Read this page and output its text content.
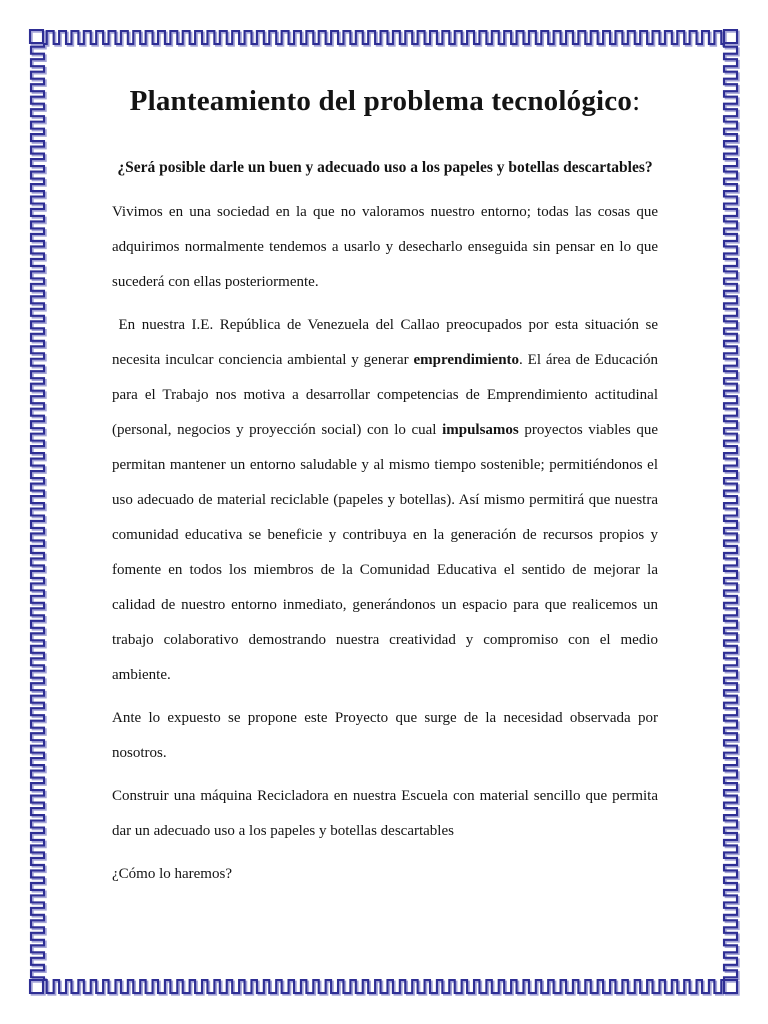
Planteamiento del problema tecnológico:

¿Será posible darle un buen y adecuado uso a los papeles y botellas descartables?

Vivimos en una sociedad en la que no valoramos nuestro entorno; todas las cosas que adquirimos normalmente tendemos a usarlo y desecharlo enseguida sin pensar en lo que sucederá con ellas posteriormente.

En nuestra I.E. República de Venezuela del Callao preocupados por esta situación se necesita inculcar conciencia ambiental y generar emprendimiento. El área de Educación para el Trabajo nos motiva a desarrollar competencias de Emprendimiento actitudinal (personal, negocios y proyección social) con lo cual impulsamos proyectos viables que permitan mantener un entorno saludable y al mismo tiempo sostenible; permitiéndonos el uso adecuado de material reciclable (papeles y botellas). Así mismo permitirá que nuestra comunidad educativa se beneficie y contribuya en la generación de recursos propios y fomente en todos los miembros de la Comunidad Educativa el sentido de mejorar la calidad de nuestro entorno inmediato, generándonos un espacio para que realicemos un trabajo colaborativo demostrando nuestra creatividad y compromiso con el medio ambiente.

Ante lo expuesto se propone este Proyecto que surge de la necesidad observada por nosotros.

Construir una máquina Recicladora en nuestra Escuela con material sencillo que permita dar un adecuado uso a los papeles y botellas descartables

¿Cómo lo haremos?
